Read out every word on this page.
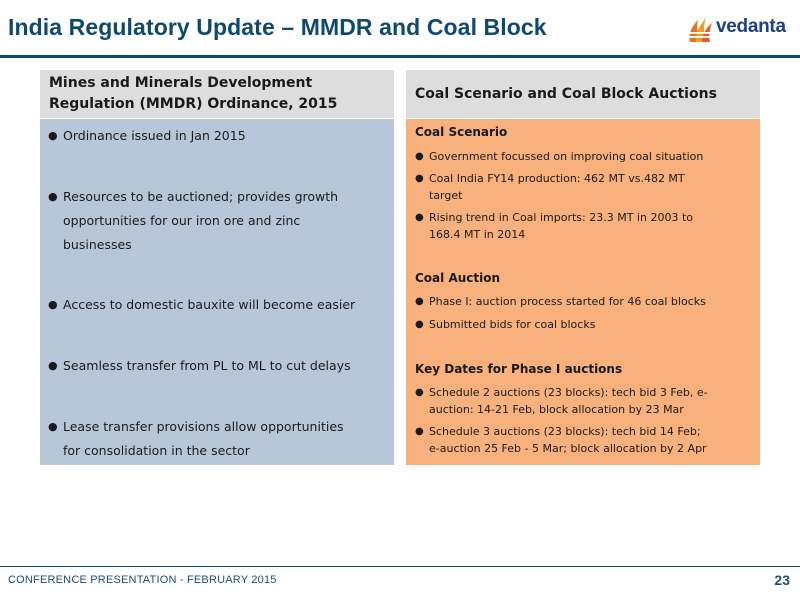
India Regulatory Update – MMDR and Coal Block	vedanta
Mines and Minerals Development
Regulation (MMDR) Ordinance, 2015
● Ordinance issued in Jan 2015
● Resources to be auctioned; provides growth
opportunities for our iron ore and zinc
businesses
● Access to domestic bauxite will become easier
● Seamless transfer from PL to ML to cut delays
● Lease transfer provisions allow opportunities
for consolidation in the sector
Coal Scenario and Coal Block Auctions
Coal Scenario
● Government focussed on improving coal situation
● Coal India FY14 production: 462 MT vs.482 MT
target
● Rising trend in Coal imports: 23.3 MT in 2003 to
168.4 MT in 2014
Coal Auction
● Phase I: auction process started for 46 coal blocks
● Submitted bids for coal blocks
Key Dates for Phase I auctions
● Schedule 2 auctions (23 blocks): tech bid 3 Feb, e-
auction: 14-21 Feb, block allocation by 23 Mar
● Schedule 3 auctions (23 blocks): tech bid 14 Feb;
e-auction 25 Feb - 5 Mar; block allocation by 2 Apr
CONFERENCE PRESENTATION - FEBRUARY 2015	23
